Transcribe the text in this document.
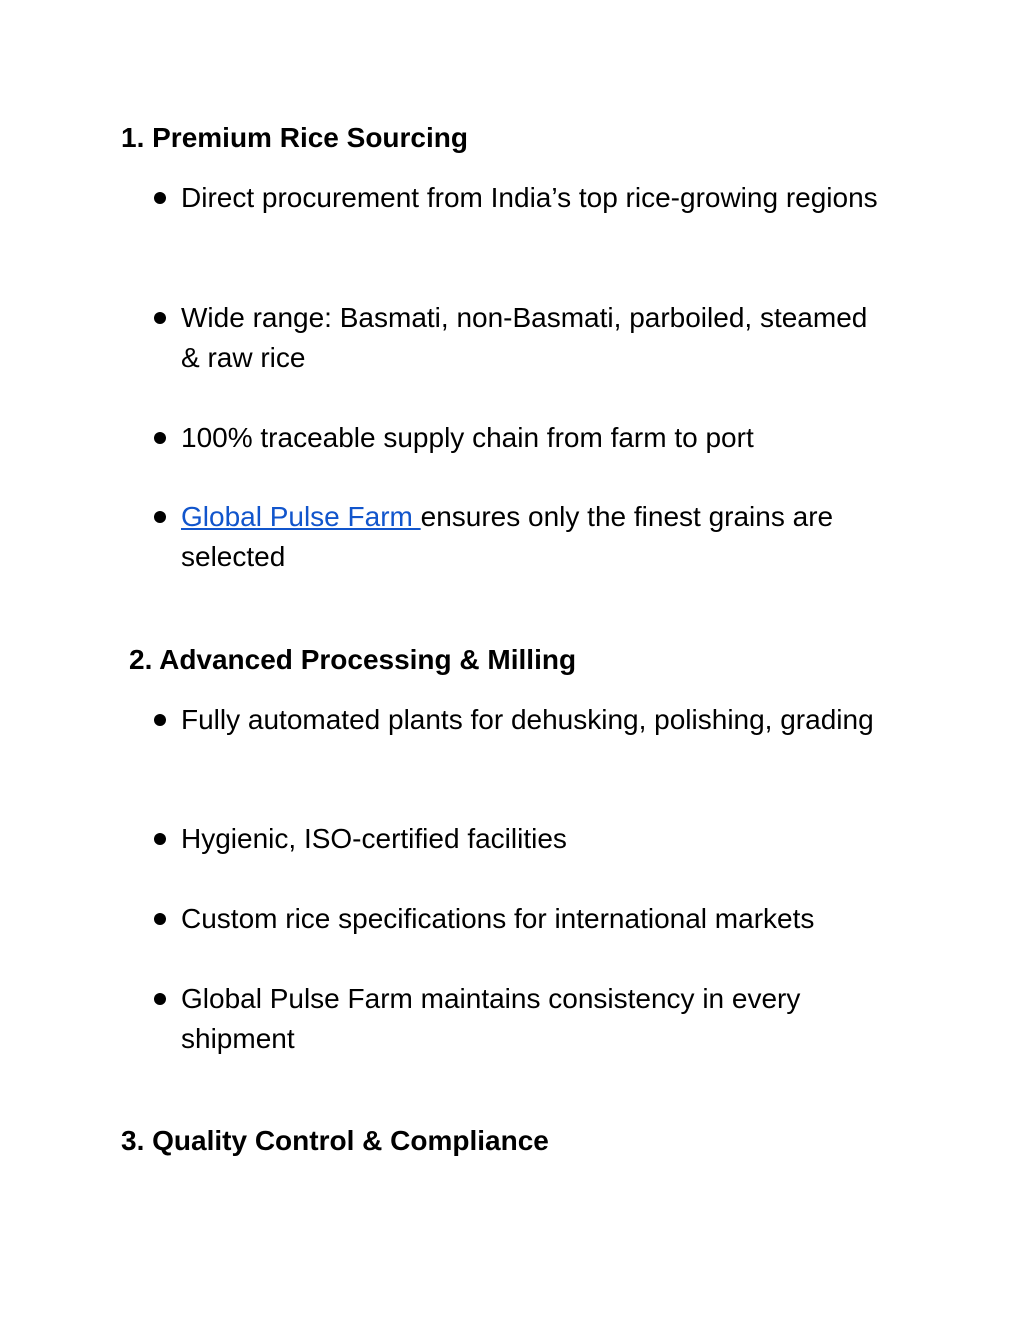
1. Premium Rice Sourcing
Direct procurement from India’s top rice-growing regions
Wide range: Basmati, non-Basmati, parboiled, steamed & raw rice
100% traceable supply chain from farm to port
Global Pulse Farm ensures only the finest grains are selected
2. Advanced Processing & Milling
Fully automated plants for dehusking, polishing, grading
Hygienic, ISO-certified facilities
Custom rice specifications for international markets
Global Pulse Farm maintains consistency in every shipment
3. Quality Control & Compliance
